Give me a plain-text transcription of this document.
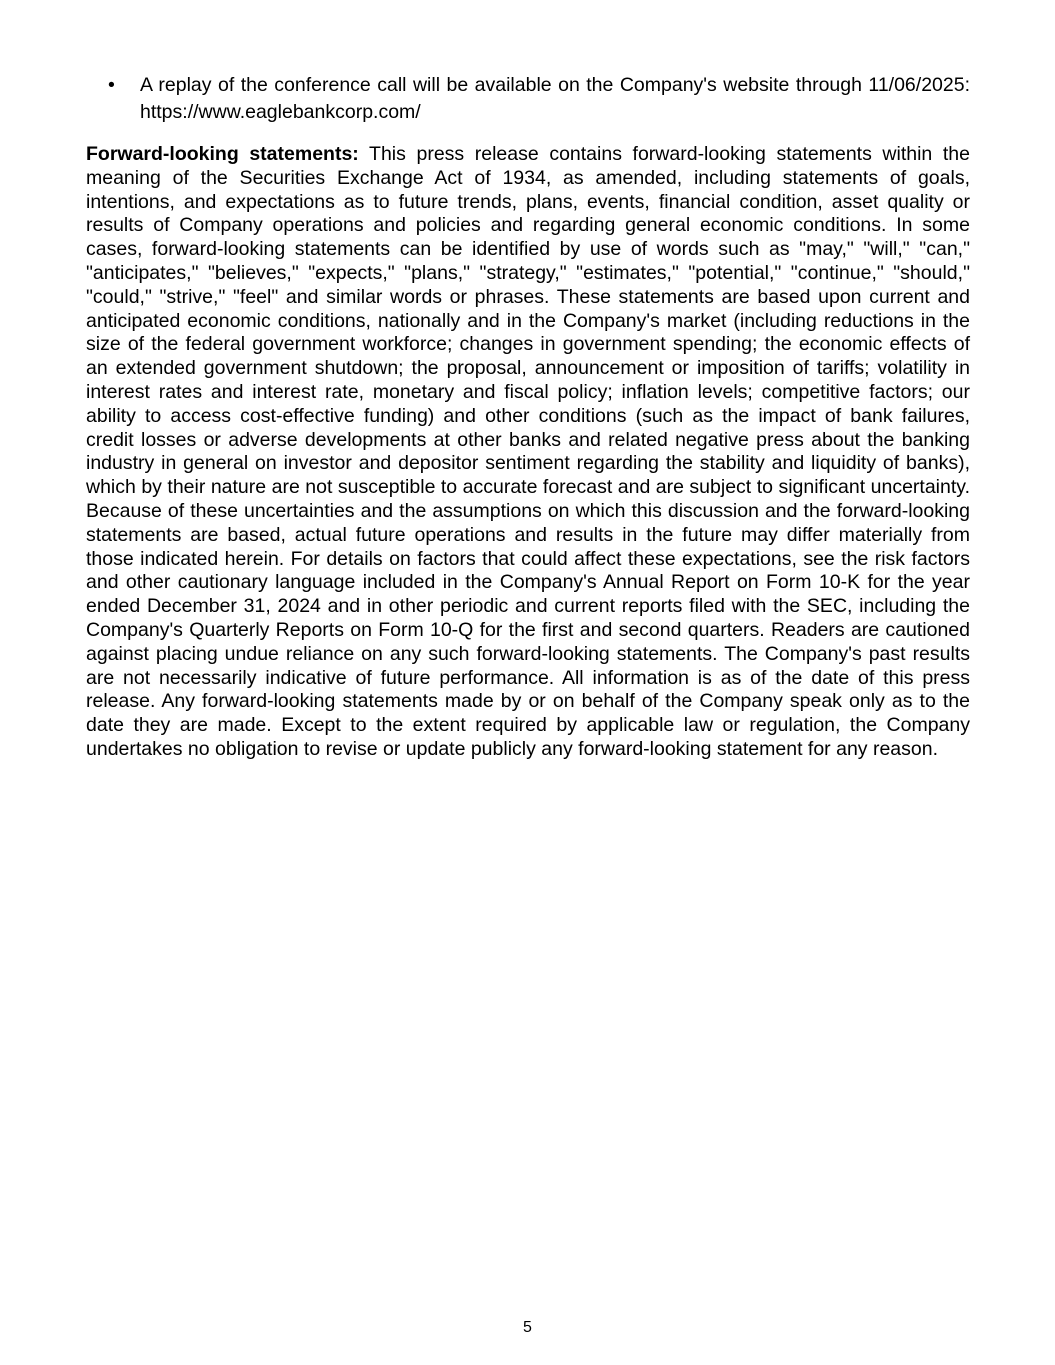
• A replay of the conference call will be available on the Company's website through 11/06/2025: https://www.eaglebankcorp.com/

Forward-looking statements: This press release contains forward-looking statements within the meaning of the Securities Exchange Act of 1934, as amended, including statements of goals, intentions, and expectations as to future trends, plans, events, financial condition, asset quality or results of Company operations and policies and regarding general economic conditions. In some cases, forward-looking statements can be identified by use of words such as "may," "will," "can," "anticipates," "believes," "expects," "plans," "strategy," "estimates," "potential," "continue," "should," "could," "strive," "feel" and similar words or phrases. These statements are based upon current and anticipated economic conditions, nationally and in the Company's market (including reductions in the size of the federal government workforce; changes in government spending; the economic effects of an extended government shutdown; the proposal, announcement or imposition of tariffs; volatility in interest rates and interest rate, monetary and fiscal policy; inflation levels; competitive factors; our ability to access cost-effective funding) and other conditions (such as the impact of bank failures, credit losses or adverse developments at other banks and related negative press about the banking industry in general on investor and depositor sentiment regarding the stability and liquidity of banks), which by their nature are not susceptible to accurate forecast and are subject to significant uncertainty. Because of these uncertainties and the assumptions on which this discussion and the forward-looking statements are based, actual future operations and results in the future may differ materially from those indicated herein. For details on factors that could affect these expectations, see the risk factors and other cautionary language included in the Company's Annual Report on Form 10-K for the year ended December 31, 2024 and in other periodic and current reports filed with the SEC, including the Company's Quarterly Reports on Form 10-Q for the first and second quarters. Readers are cautioned against placing undue reliance on any such forward-looking statements. The Company's past results are not necessarily indicative of future performance. All information is as of the date of this press release. Any forward-looking statements made by or on behalf of the Company speak only as to the date they are made. Except to the extent required by applicable law or regulation, the Company undertakes no obligation to revise or update publicly any forward-looking statement for any reason.

5
